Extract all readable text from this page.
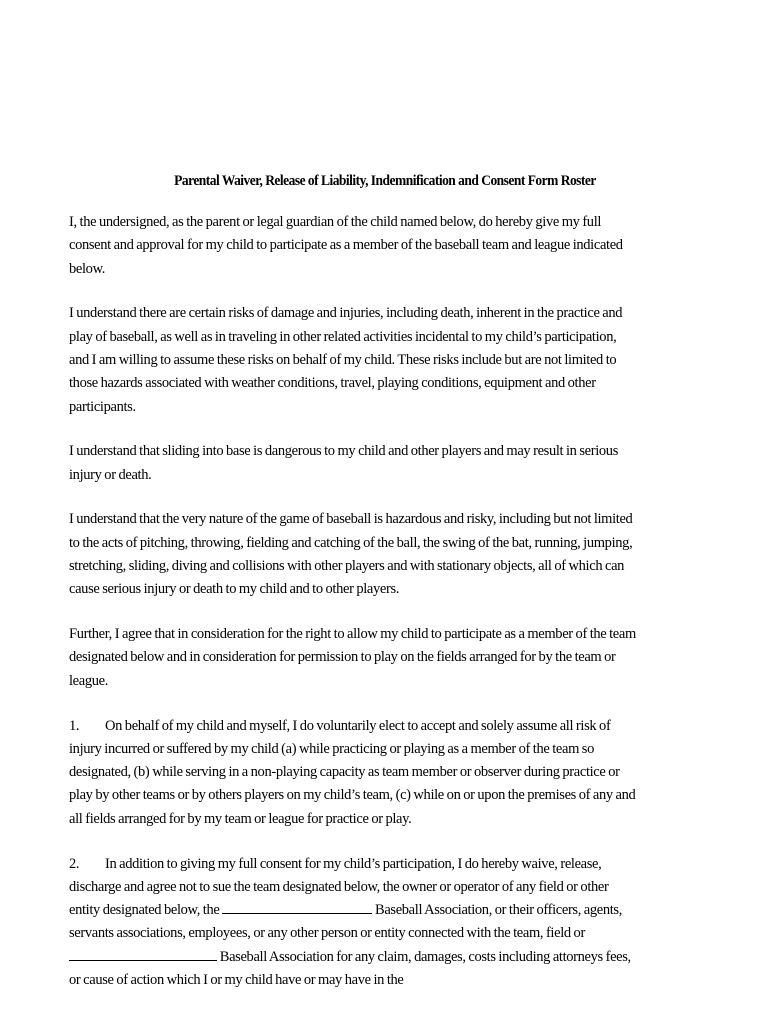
Parental Waiver, Release of Liability, Indemnification and Consent Form Roster

I, the undersigned, as the parent or legal guardian of the child named below, do hereby give my full consent and approval for my child to participate as a member of the baseball team and league indicated below.

I understand there are certain risks of damage and injuries, including death, inherent in the practice and play of baseball, as well as in traveling in other related activities incidental to my child’s participation, and I am willing to assume these risks on behalf of my child. These risks include but are not limited to those hazards associated with weather conditions, travel, playing conditions, equipment and other participants.

I understand that sliding into base is dangerous to my child and other players and may result in serious injury or death.

I understand that the very nature of the game of baseball is hazardous and risky, including but not limited to the acts of pitching, throwing, fielding and catching of the ball, the swing of the bat, running, jumping, stretching, sliding, diving and collisions with other players and with stationary objects, all of which can cause serious injury or death to my child and to other players.

Further, I agree that in consideration for the right to allow my child to participate as a member of the team designated below and in consideration for permission to play on the fields arranged for by the team or league.

1. On behalf of my child and myself, I do voluntarily elect to accept and solely assume all risk of injury incurred or suffered by my child (a) while practicing or playing as a member of the team so designated, (b) while serving in a non-playing capacity as team member or observer during practice or play by other teams or by others players on my child’s team, (c) while on or upon the premises of any and all fields arranged for by my team or league for practice or play.

2. In addition to giving my full consent for my child’s participation, I do hereby waive, release, discharge and agree not to sue the team designated below, the owner or operator of any field or other entity designated below, the	Baseball Association, or their officers, agents, servants associations, employees, or any other person or entity connected with the team, field or  Baseball Association for any claim, damages, costs including attorneys fees, or cause of action which I or my child have or may have in the
